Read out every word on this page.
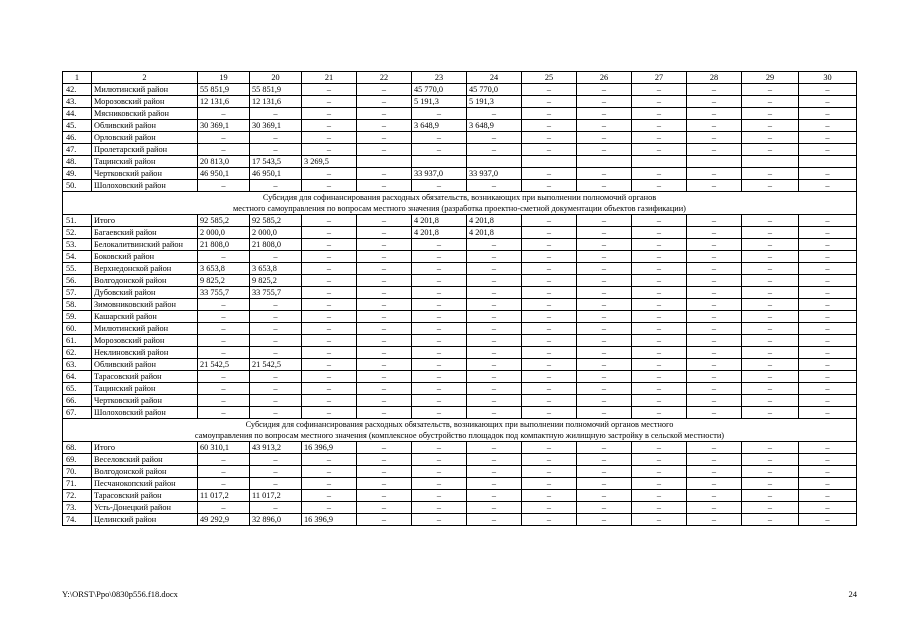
1	2	19	20	21	22	23	24	25	26	27	28	29	30
42.	Милютинский район	55 851,9	55 851,9	–	–	45 770,0	45 770,0	–	–	–	–	–	–
43.	Морозовский район	12 131,6	12 131,6	–	–	5 191,3	5 191,3	–	–	–	–	–	–
44.	Мясниковский район	–	–	–	–	–	–	–	–	–	–	–	–
45.	Обливский район	30 369,1	30 369,1	–	–	3 648,9	3 648,9	–	–	–	–	–	–
46.	Орловский район	–	–	–	–	–	–	–	–	–	–	–	–
47.	Пролетарский район	–	–	–	–	–	–	–	–	–	–	–	–
48.	Тацинский район	20 813,0	17 543,5	3 269,5									
49.	Чертковский район	46 950,1	46 950,1	–	–	33 937,0	33 937,0	–	–	–	–	–	–
50.	Шолоховский район	–	–	–	–	–	–	–	–	–	–	–	–

Субсидия для софинансирования расходных обязательств, возникающих при выполнении полномочий органов
местного самоуправления по вопросам местного значения (разработка проектно-сметной документации объектов газификации)													

51.	Итого	92 585,2	92 585,2	–	–	4 201,8	4 201,8	–	–	–	–	–	–
52.	Багаевский район	2 000,0	2 000,0	–	–	4 201,8	4 201,8	–	–	–	–	–	–
53.	Белокалитвинский район	21 808,0	21 808,0	–	–	–	–	–	–	–	–	–	–
54.	Боковский район	–	–	–	–	–	–	–	–	–	–	–	–
55.	Верхнедонской район	3 653,8	3 653,8	–	–	–	–	–	–	–	–	–	–
56.	Волгодонской район	9 825,2	9 825,2	–	–	–	–	–	–	–	–	–	–
57.	Дубовский район	33 755,7	33 755,7	–	–	–	–	–	–	–	–	–	–
58.	Зимовниковский район	–	–	–	–	–	–	–	–	–	–	–	–
59.	Кашарский район	–	–	–	–	–	–	–	–	–	–	–	–
60.	Милютинский район	–	–	–	–	–	–	–	–	–	–	–	–
61.	Морозовский район	–	–	–	–	–	–	–	–	–	–	–	–
62.	Неклиновский район	–	–	–	–	–	–	–	–	–	–	–	–
63.	Обливский район	21 542,5	21 542,5	–	–	–	–	–	–	–	–	–	–
64.	Тарасовский район	–	–	–	–	–	–	–	–	–	–	–	–
65.	Тацинский район	–	–	–	–	–	–	–	–	–	–	–	–
66.	Чертковский район	–	–	–	–	–	–	–	–	–	–	–	–
67.	Шолоховский район	–	–	–	–	–	–	–	–	–	–	–	–

Субсидия для софинансирования расходных обязательств, возникающих при выполнении полномочий органов местного
самоуправления по вопросам местного значения (комплексное обустройство площадок под компактную жилищную застройку в сельской местности)													

68.	Итого	60 310,1	43 913,2	16 396,9	–	–	–	–	–	–	–	–	–
69.	Веселовский район	–	–	–	–	–	–	–	–	–	–	–	–
70.	Волгодонской район	–	–	–	–	–	–	–	–	–	–	–	–
71.	Песчанокопский район	–	–	–	–	–	–	–	–	–	–	–	–
72.	Тарасовский район	11 017,2	11 017,2	–	–	–	–	–	–	–	–	–	–
73.	Усть-Донецкий район	–	–	–	–	–	–	–	–	–	–	–	–
74.	Целинский район	49 292,9	32 896,0	16 396,9	–	–	–	–	–	–	–	–	–
Y:\ORST\Ppo\0830p556.f18.docx	24
